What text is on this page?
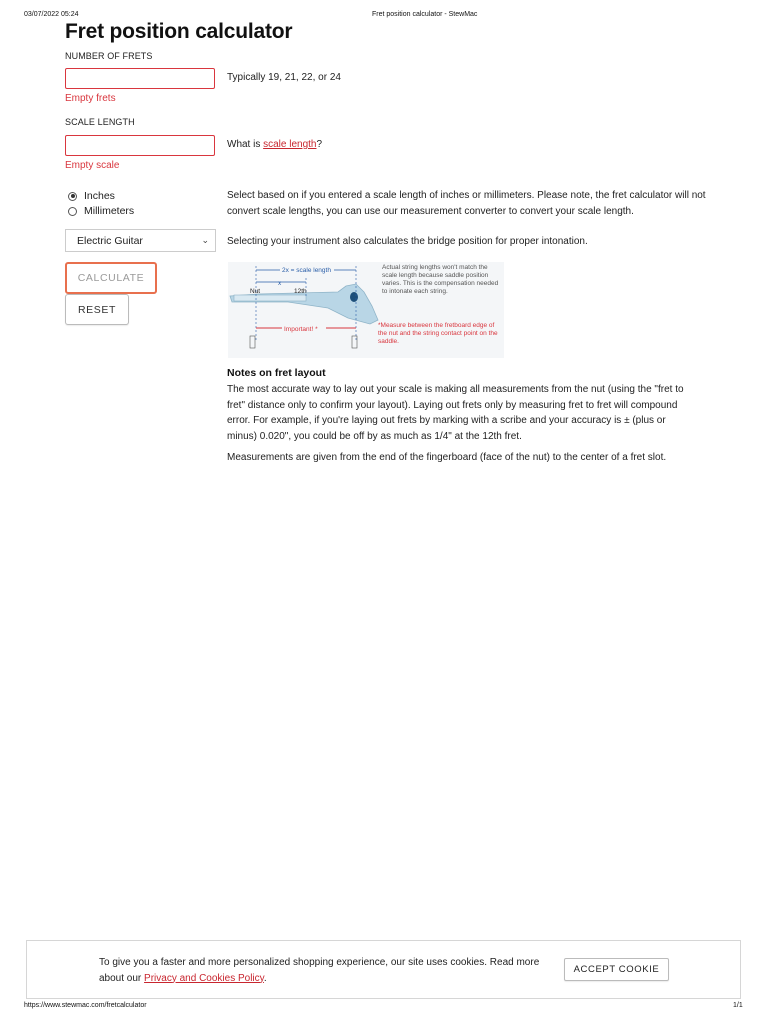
03/07/2022 05:24	Fret position calculator - StewMac
Fret position calculator
NUMBER OF FRETS
Typically 19, 21, 22, or 24
Empty frets
SCALE LENGTH
What is scale length?
Empty scale
Inches
Millimeters
Select based on if you entered a scale length of inches or millimeters. Please note, the fret calculator will not convert scale lengths, you can use our measurement converter to convert your scale length.
Electric Guitar	⌄ Selecting your instrument also calculates the bridge position for proper intonation.
CALCULATE
RESET
2x = scale length
x
Nut	12th
Important! *
Actual string lengths won't match the scale length because saddle position varies. This is the compensation needed to intonate each string.
*Measure between the fretboard edge of the nut and the string contact point on the saddle.
Notes on fret layout
The most accurate way to lay out your scale is making all measurements from the nut (using the "fret to fret" distance only to confirm your layout). Laying out frets only by measuring fret to fret will compound error. For example, if you're laying out frets by marking with a scribe and your accuracy is ± (plus or minus) 0.020", you could be off by as much as 1/4" at the 12th fret.
Measurements are given from the end of the fingerboard (face of the nut) to the center of a fret slot.
To give you a faster and more personalized shopping experience, our site uses cookies. Read more about our Privacy and Cookies Policy.
ACCEPT COOKIE
https://www.stewmac.com/fretcalculator	1/1
